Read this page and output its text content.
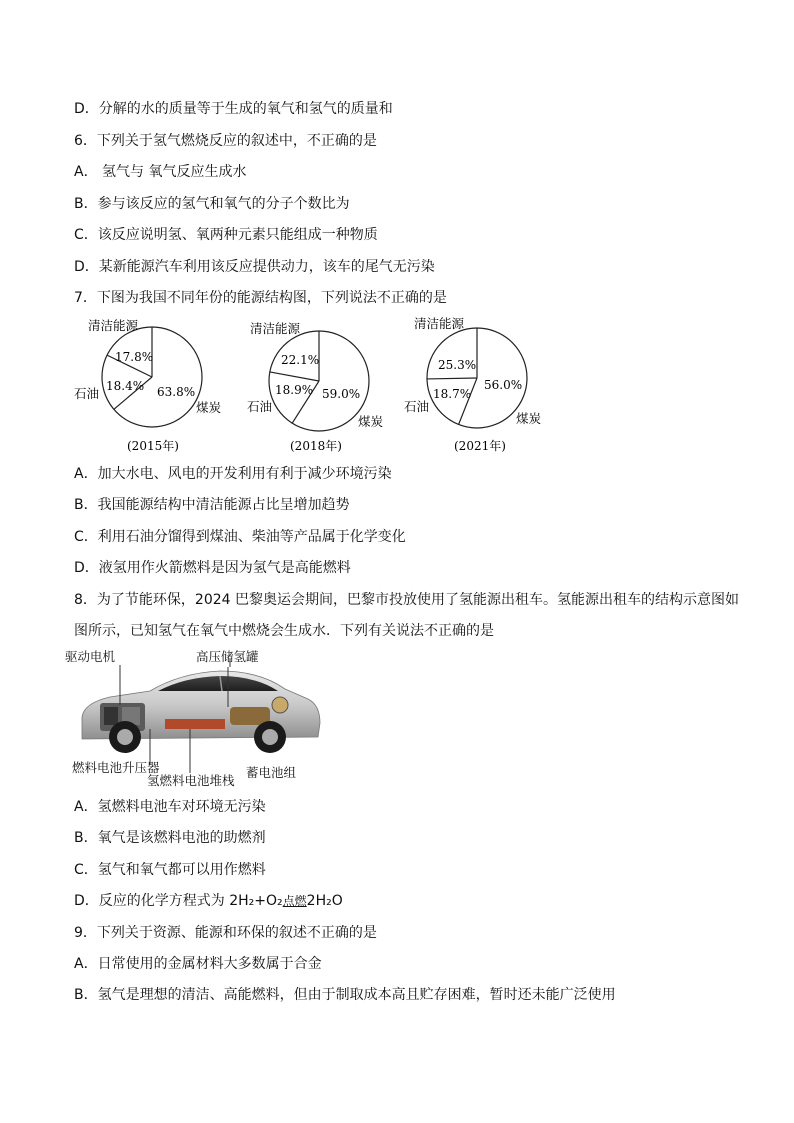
D．分解的水的质量等于生成的氧气和氢气的质量和
6．下列关于氢气燃烧反应的叙述中，不正确的是
A． 氢气与 氧气反应生成水
B．参与该反应的氢气和氧气的分子个数比为
C．该反应说明氢、氧两种元素只能组成一种物质
D．某新能源汽车利用该反应提供动力，该车的尾气无污染
7．下图为我国不同年份的能源结构图，下列说法不正确的是
清洁能源
石油
煤炭
17.8%
18.4% 63.8%
(2015年)
清洁能源
石油
煤炭
22.1%
18.9% 59.0%
(2018年)
清洁能源
石油
煤炭
25.3%
18.7%
56.0%
(2021年)
A．加大水电、风电的开发利用有利于减少环境污染
B．我国能源结构中清洁能源占比呈增加趋势
C．利用石油分馏得到煤油、柴油等产品属于化学变化
D．液氢用作火箭燃料是因为氢气是高能燃料
8．为了节能环保，2024 巴黎奥运会期间，巴黎市投放使用了氢能源出租车。氢能源出租车的结构示意图如
图所示，已知氢气在氧气中燃烧会生成水．下列有关说法不正确的是
驱动电机	高压储氢罐
燃料电池升压器
氢燃料电池堆栈
蓄电池组
A．氢燃料电池车对环境无污染
B．氧气是该燃料电池的助燃剂
C．氢气和氧气都可以用作燃料
D．反应的化学方程式为 2H₂+O₂点燃2H₂O
9．下列关于资源、能源和环保的叙述不正确的是
A．日常使用的金属材料大多数属于合金
B．氢气是理想的清洁、高能燃料，但由于制取成本高且贮存困难，暂时还未能广泛使用
